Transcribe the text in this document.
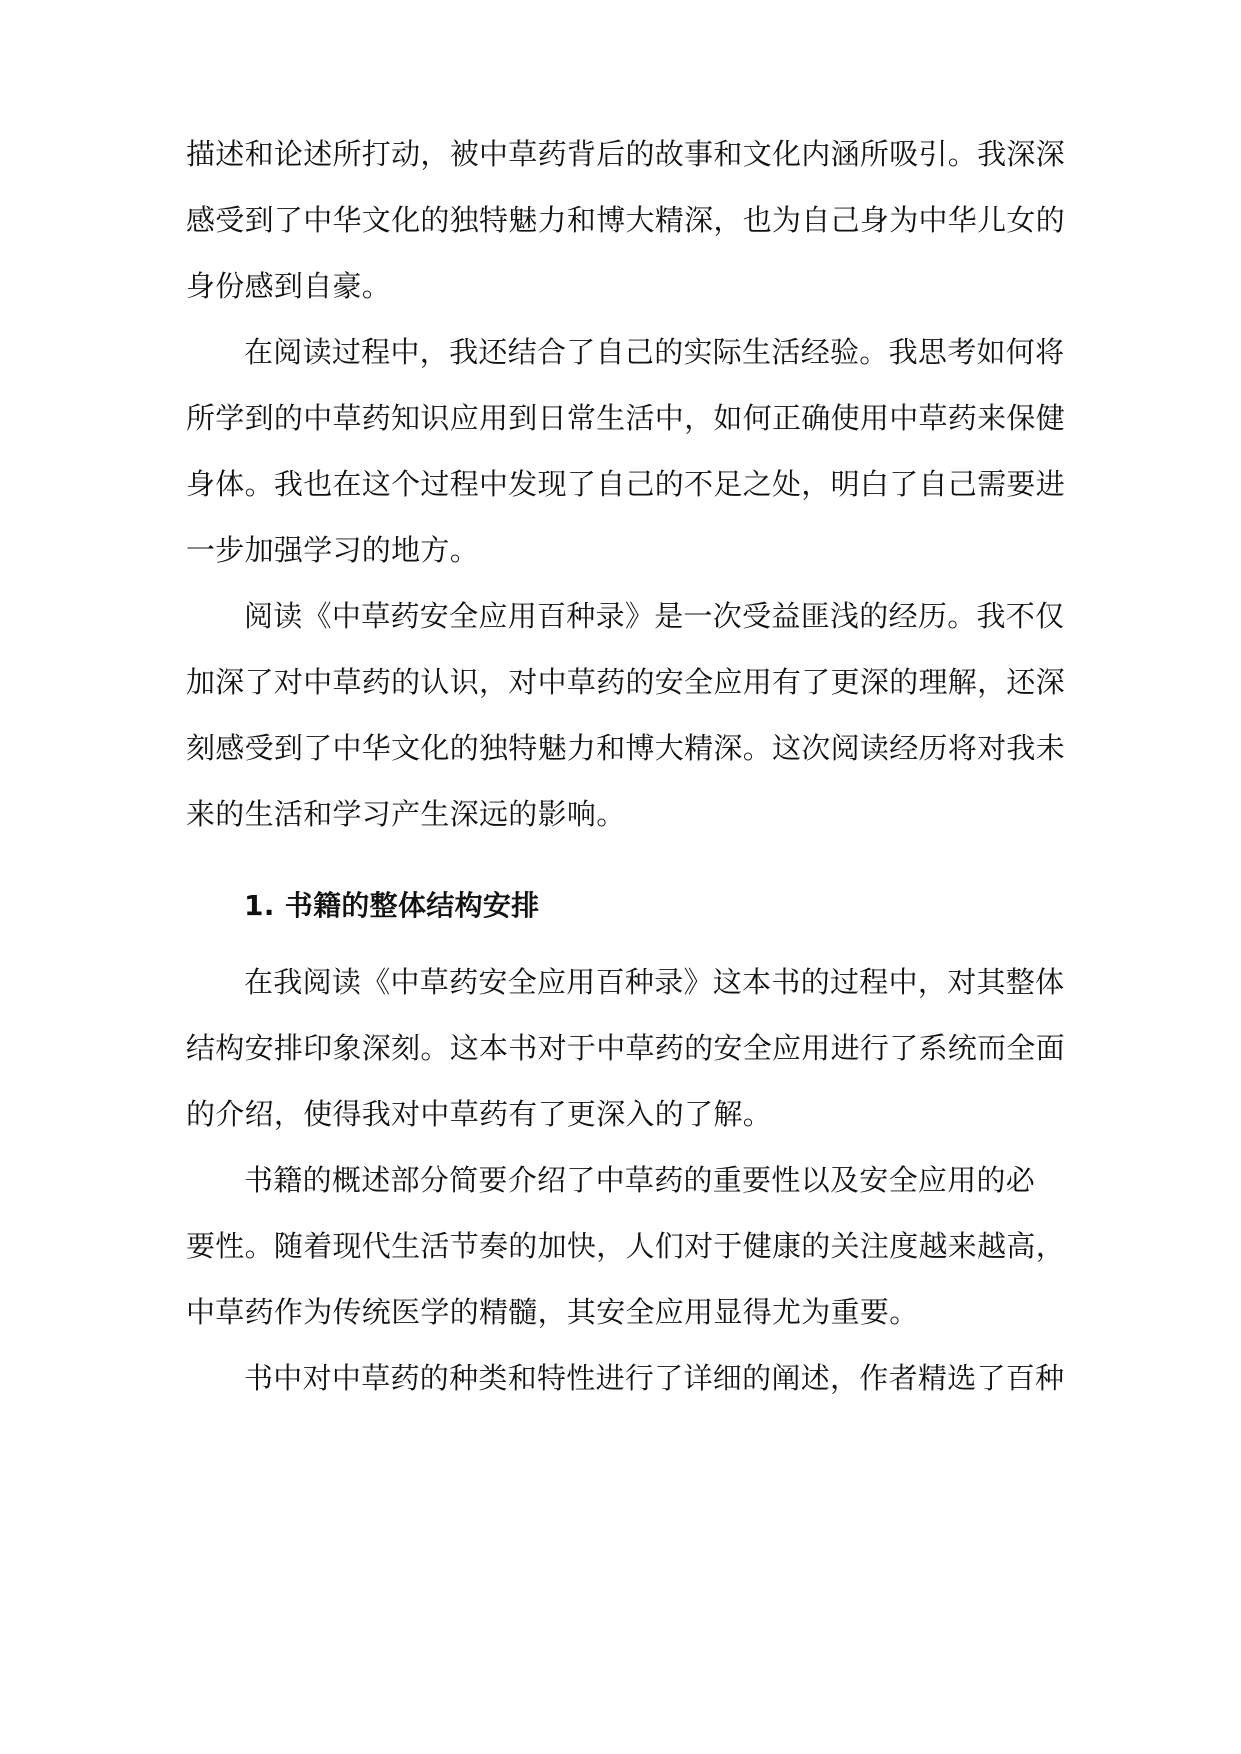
描述和论述所打动，被中草药背后的故事和文化内涵所吸引。我深深
感受到了中华文化的独特魅力和博大精深，也为自己身为中华儿女的
身份感到自豪。
在阅读过程中，我还结合了自己的实际生活经验。我思考如何将
所学到的中草药知识应用到日常生活中，如何正确使用中草药来保健
身体。我也在这个过程中发现了自己的不足之处，明白了自己需要进
一步加强学习的地方。
阅读《中草药安全应用百种录》是一次受益匪浅的经历。我不仅
加深了对中草药的认识，对中草药的安全应用有了更深的理解，还深
刻感受到了中华文化的独特魅力和博大精深。这次阅读经历将对我未
来的生活和学习产生深远的影响。
1. 书籍的整体结构安排
在我阅读《中草药安全应用百种录》这本书的过程中，对其整体
结构安排印象深刻。这本书对于中草药的安全应用进行了系统而全面
的介绍，使得我对中草药有了更深入的了解。
书籍的概述部分简要介绍了中草药的重要性以及安全应用的必
要性。随着现代生活节奏的加快，人们对于健康的关注度越来越高，
中草药作为传统医学的精髓，其安全应用显得尤为重要。
书中对中草药的种类和特性进行了详细的阐述，作者精选了百种
